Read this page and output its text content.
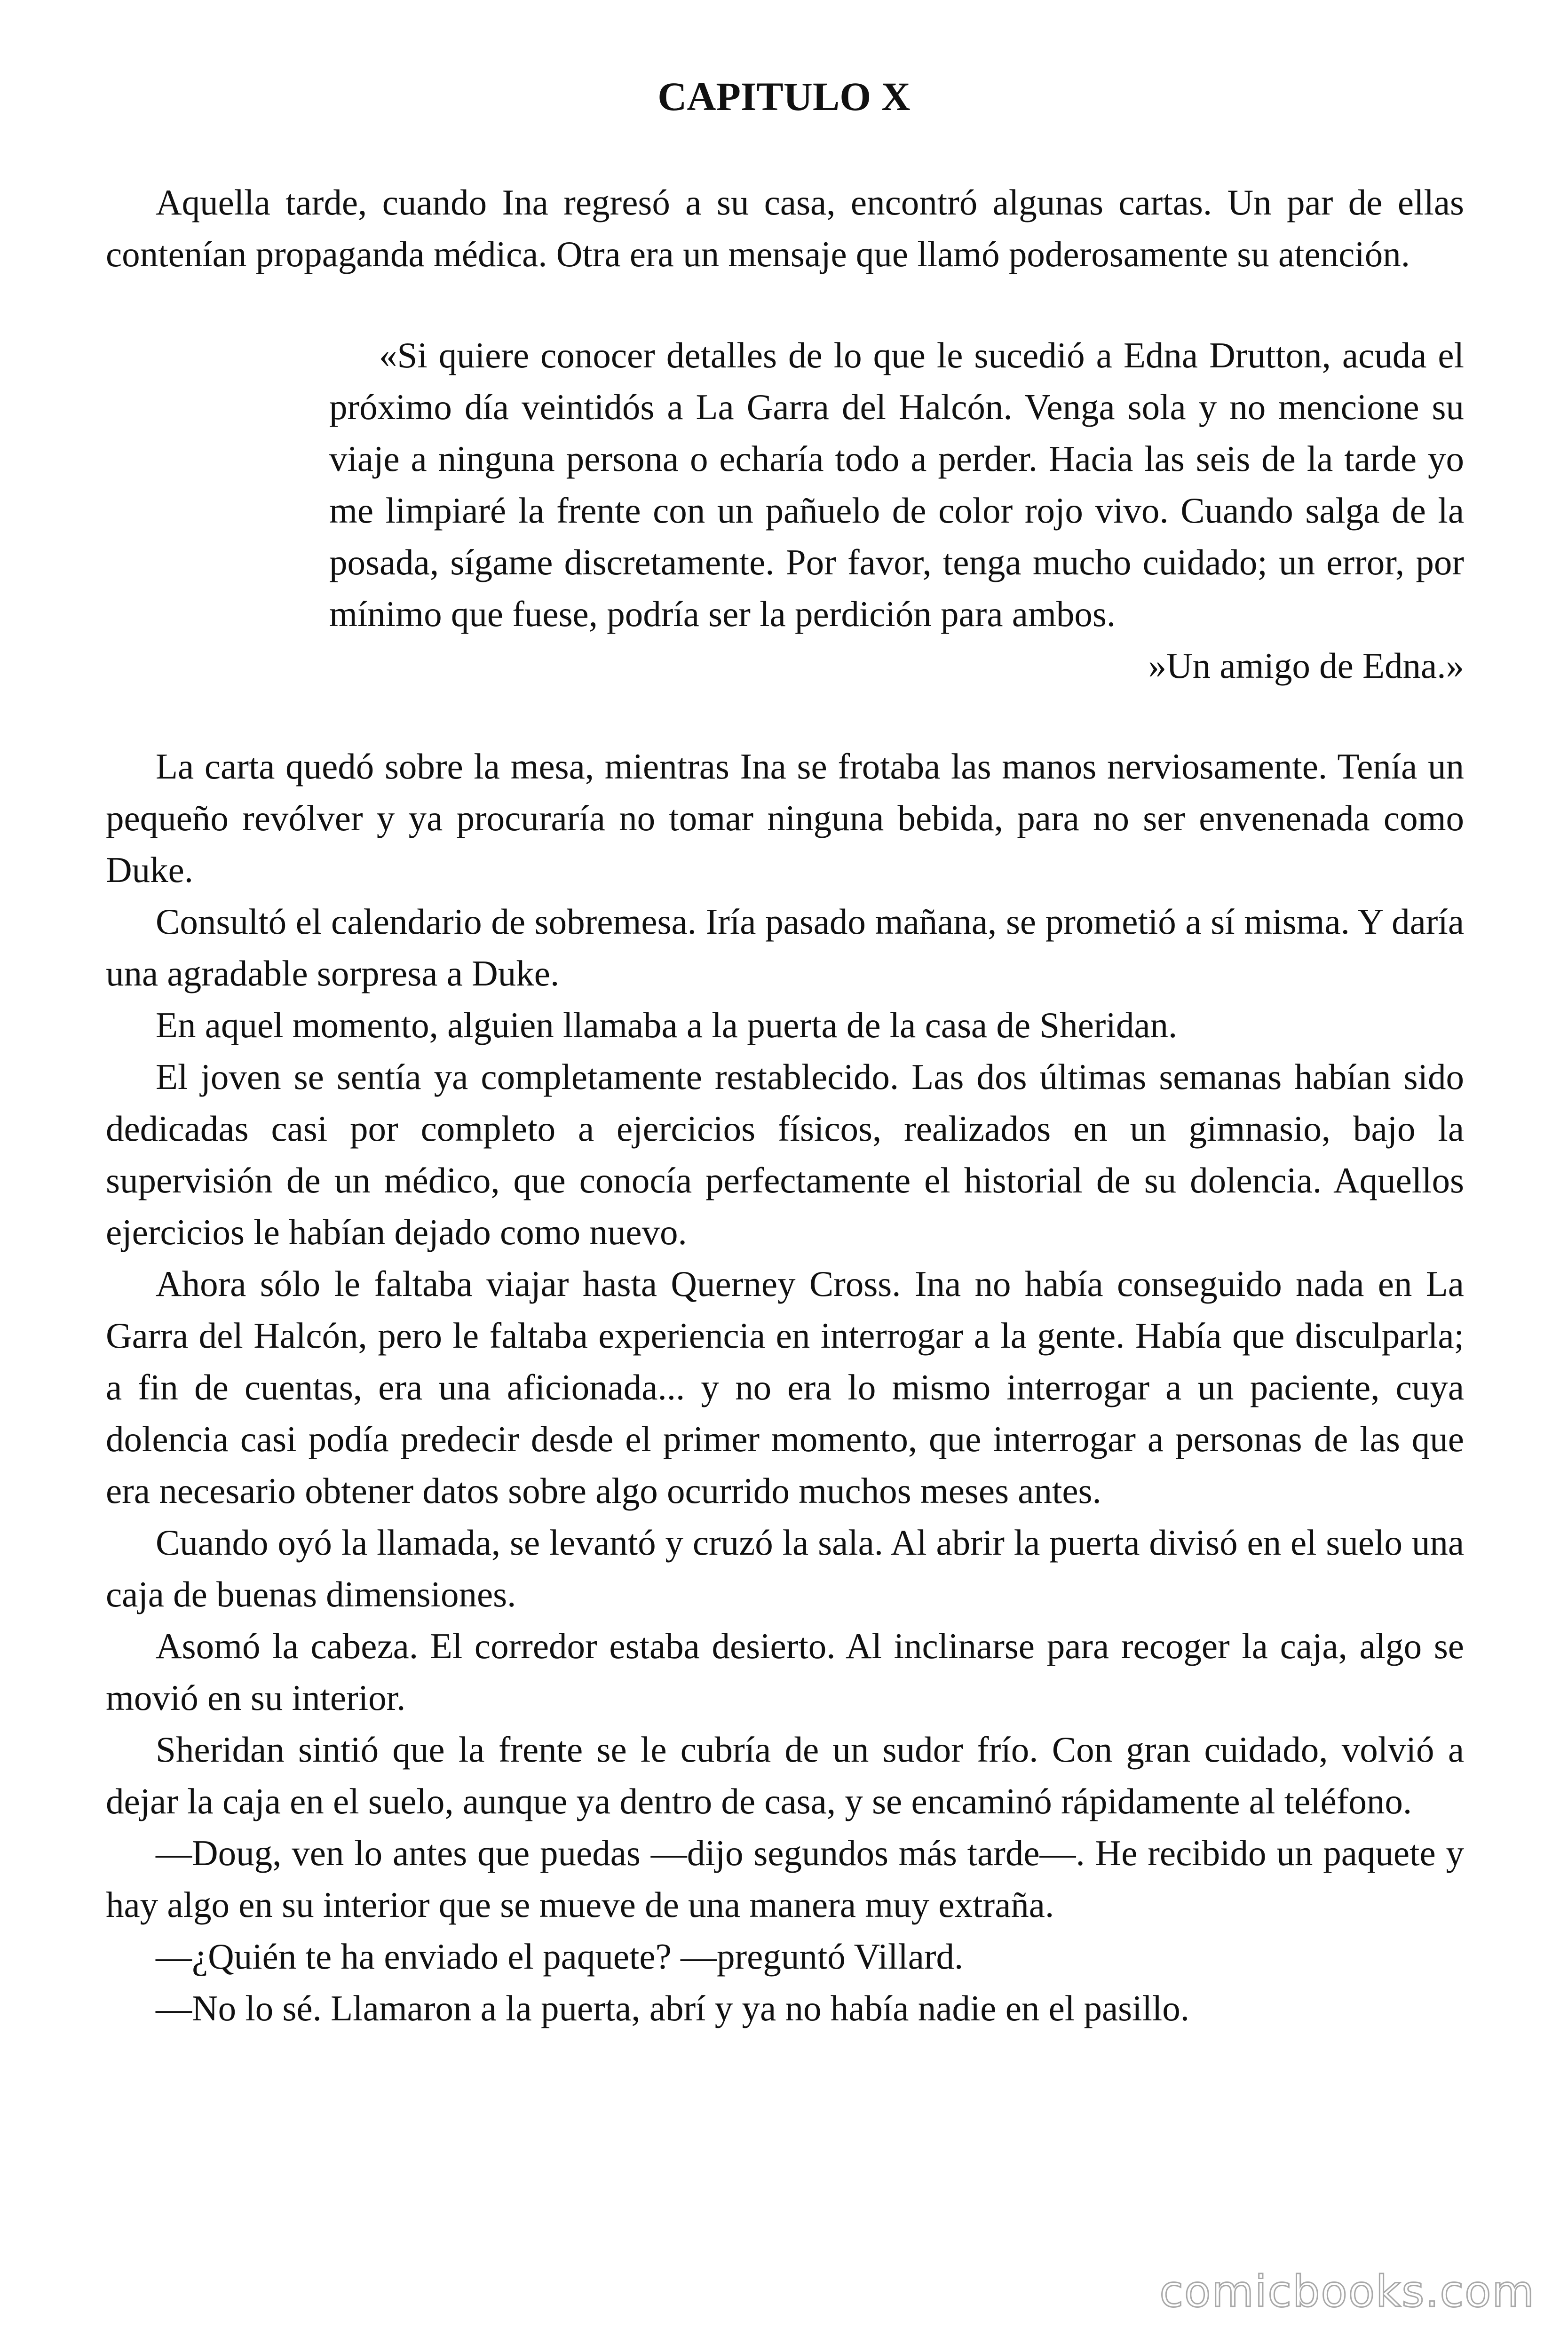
CAPITULO X

Aquella tarde, cuando Ina regresó a su casa, encontró algunas cartas. Un par de ellas contenían propaganda médica. Otra era un mensaje que llamó poderosamente su atención.

«Si quiere conocer detalles de lo que le sucedió a Edna Drutton, acuda el próximo día veintidós a La Garra del Halcón. Venga sola y no mencione su viaje a ninguna persona o echaría todo a perder. Hacia las seis de la tarde yo me limpiaré la frente con un pañuelo de color rojo vivo. Cuando salga de la posada, sígame discretamente. Por favor, tenga mucho cuidado; un error, por mínimo que fuese, podría ser la perdición para ambos.

»Un amigo de Edna.»

La carta quedó sobre la mesa, mientras Ina se frotaba las manos nerviosamente. Tenía un pequeño revólver y ya procuraría no tomar ninguna bebida, para no ser envenenada como Duke.

Consultó el calendario de sobremesa. Iría pasado mañana, se prometió a sí misma. Y daría una agradable sorpresa a Duke.

En aquel momento, alguien llamaba a la puerta de la casa de Sheridan.

El joven se sentía ya completamente restablecido. Las dos últimas semanas habían sido dedicadas casi por completo a ejercicios físicos, realizados en un gimnasio, bajo la supervisión de un médico, que conocía perfectamente el historial de su dolencia. Aquellos ejercicios le habían dejado como nuevo.

Ahora sólo le faltaba viajar hasta Querney Cross. Ina no había conseguido nada en La Garra del Halcón, pero le faltaba experiencia en interrogar a la gente. Había que disculparla; a fin de cuentas, era una aficionada... y no era lo mismo interrogar a un paciente, cuya dolencia casi podía predecir desde el primer momento, que interrogar a personas de las que era necesario obtener datos sobre algo ocurrido muchos meses antes.

Cuando oyó la llamada, se levantó y cruzó la sala. Al abrir la puerta divisó en el suelo una caja de buenas dimensiones.

Asomó la cabeza. El corredor estaba desierto. Al inclinarse para recoger la caja, algo se movió en su interior.

Sheridan sintió que la frente se le cubría de un sudor frío. Con gran cuidado, volvió a dejar la caja en el suelo, aunque ya dentro de casa, y se encaminó rápidamente al teléfono.

—Doug, ven lo antes que puedas —dijo segundos más tarde—. He recibido un paquete y hay algo en su interior que se mueve de una manera muy extraña.

—¿Quién te ha enviado el paquete? —preguntó Villard.

—No lo sé. Llamaron a la puerta, abrí y ya no había nadie en el pasillo.

comicbooks.com
